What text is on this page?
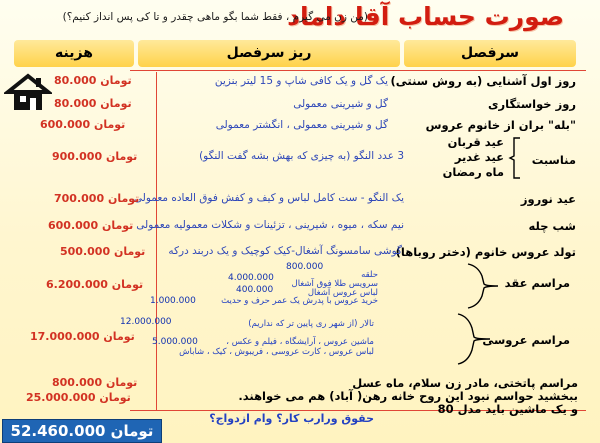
صورت حساب آقا داماد
(من زن می گیرم ، فقط شما بگو ماهی چقدر و تا کی پس انداز کنیم؟)
سرفصل
ریز سرفصل
هزینه
روز اول آشنایی (به روش سنتی)
یک گل و یک کافی شاپ و 15 لیتر بنزین
80.000 تومان
روز خواستگاری
گل و شیرینی معمولی
80.000 تومان
"بله" بران از خانوم عروس
گل و شیرینی معمولی ، انگشتر معمولی
600.000 تومان
مناسبت
عید قربان
عید غدیر
ماه رمضان
3 عدد النگو (به چیزی که بهش بشه گفت النگو)
900.000 تومان
عید نوروز
یک النگو - ست کامل لباس و کیف و کفش فوق العاده معمولی
700.000 تومان
شب چله
نیم سکه ، میوه ، شیرینی ، تزئینات و شکلات معمولیه معمولی
600.000 تومان
تولد عروس خانوم (دختر روباها)
گوشی سامسونگ آشغال-کیک کوچیک و یک دربند درکه
500.000 تومان
مراسم عقد
800.000
حلقه
سرویس طلا فوق آشغال
4.000.000
لباس عروس آشغال
400.000
خرید عروس با پدرش یک عمر حرف و حدیث
1.000.000
6.200.000 تومان
مراسم عروسی
12.000.000	تالار (از شهر ری پایین تر که نداریم)
5.000.000	ماشین عروس ، آرایشگاه ، فیلم و عکس ،
لباس عروس ، کارت عروسی ، فریبوش ، کیک ، شاباش
17.000.000 تومان
مراسم پاتختی، مادر زن سلام، ماه عسل
800.000 تومان
ببخشید حواسم نبود این روح خانه رهن( آباد) هم می خواهند.
25.000.000 تومان
و یک ماشین باید مدل 80
52.460.000 تومان
حقوق ورارب کار؟ وام ازدواج؟
